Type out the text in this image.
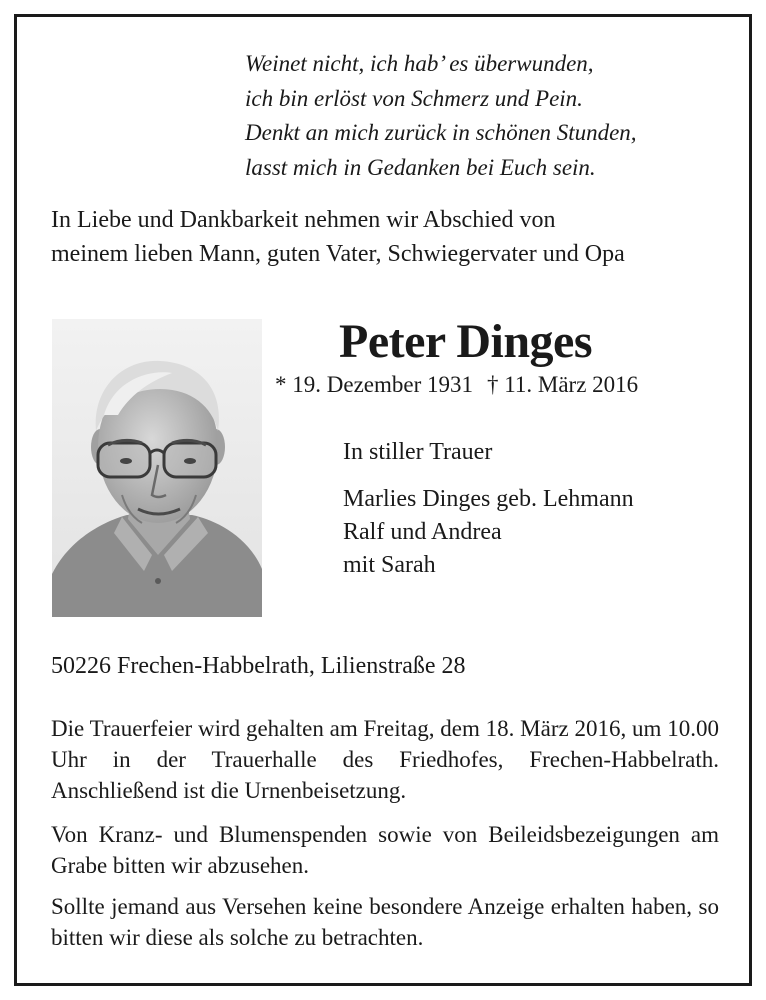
Weinet nicht, ich hab’ es überwunden,
ich bin erlöst von Schmerz und Pein.
Denkt an mich zurück in schönen Stunden,
lasst mich in Gedanken bei Euch sein.
In Liebe und Dankbarkeit nehmen wir Abschied von
meinem lieben Mann, guten Vater, Schwiegervater und Opa
Peter Dinges
* 19. Dezember 1931 † 11. März 2016
In stiller Trauer
Marlies Dinges geb. Lehmann
Ralf und Andrea
mit Sarah
50226 Frechen-Habbelrath, Lilienstraße 28
Die Trauerfeier wird gehalten am Freitag, dem 18. März 2016, um 10.00 Uhr in der Trauerhalle des Friedhofes, Frechen-Habbelrath. Anschließend ist die Urnenbeisetzung.
Von Kranz- und Blumenspenden sowie von Beileidsbezeigungen am Grabe bitten wir abzusehen.
Sollte jemand aus Versehen keine besondere Anzeige erhalten haben, so bitten wir diese als solche zu betrachten.
